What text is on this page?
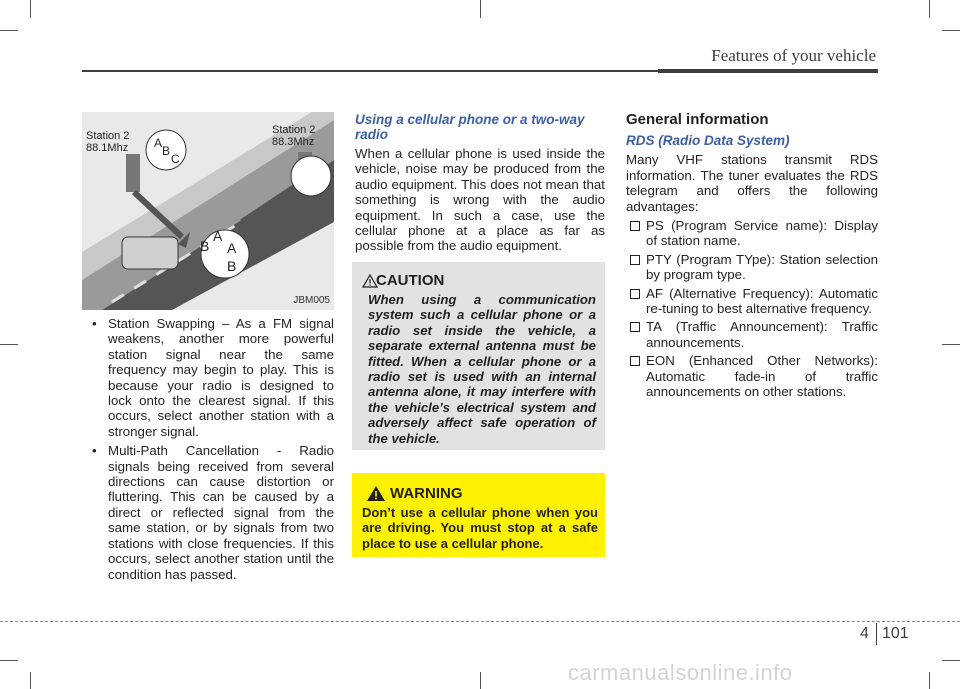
Features of your vehicle
Station 2
88.1Mhz
Station 2
88.3Mhz
A
B
C
A
B A
B
JBM005
• Station Swapping – As a FM signal weakens, another more powerful station signal near the same frequency may begin to play. This is because your radio is designed to lock onto the clearest signal. If this occurs, select another station with a stronger signal.
• Multi-Path Cancellation - Radio signals being received from several directions can cause distortion or fluttering. This can be caused by a direct or reflected signal from the same station, or by signals from two stations with close frequencies. If this occurs, select another station until the condition has passed.
Using a cellular phone or a two-way radio

When a cellular phone is used inside the vehicle, noise may be produced from the audio equipment. This does not mean that something is wrong with the audio equipment. In such a case, use the cellular phone at a place as far as possible from the audio equipment.

CAUTION
When using a communication system such a cellular phone or a radio set inside the vehicle, a separate external antenna must be fitted. When a cellular phone or a radio set is used with an internal antenna alone, it may interfere with the vehicle’s electrical system and adversely affect safe operation of the vehicle.
WARNING
Don’t use a cellular phone when you are driving. You must stop at a safe place to use a cellular phone.
General information
RDS (Radio Data System)

Many VHF stations transmit RDS information. The tuner evaluates the RDS telegram and offers the following advantages:

PS (Program Service name): Display of station name.
PTY (Program TYpe): Station selection by program type.
AF (Alternative Frequency): Automatic re-tuning to best alternative frequency.
TA (Traffic Announcement): Traffic announcements.
EON (Enhanced Other Networks): Automatic fade-in of traffic announcements on other stations.
4 101
carmanualsonline.info
